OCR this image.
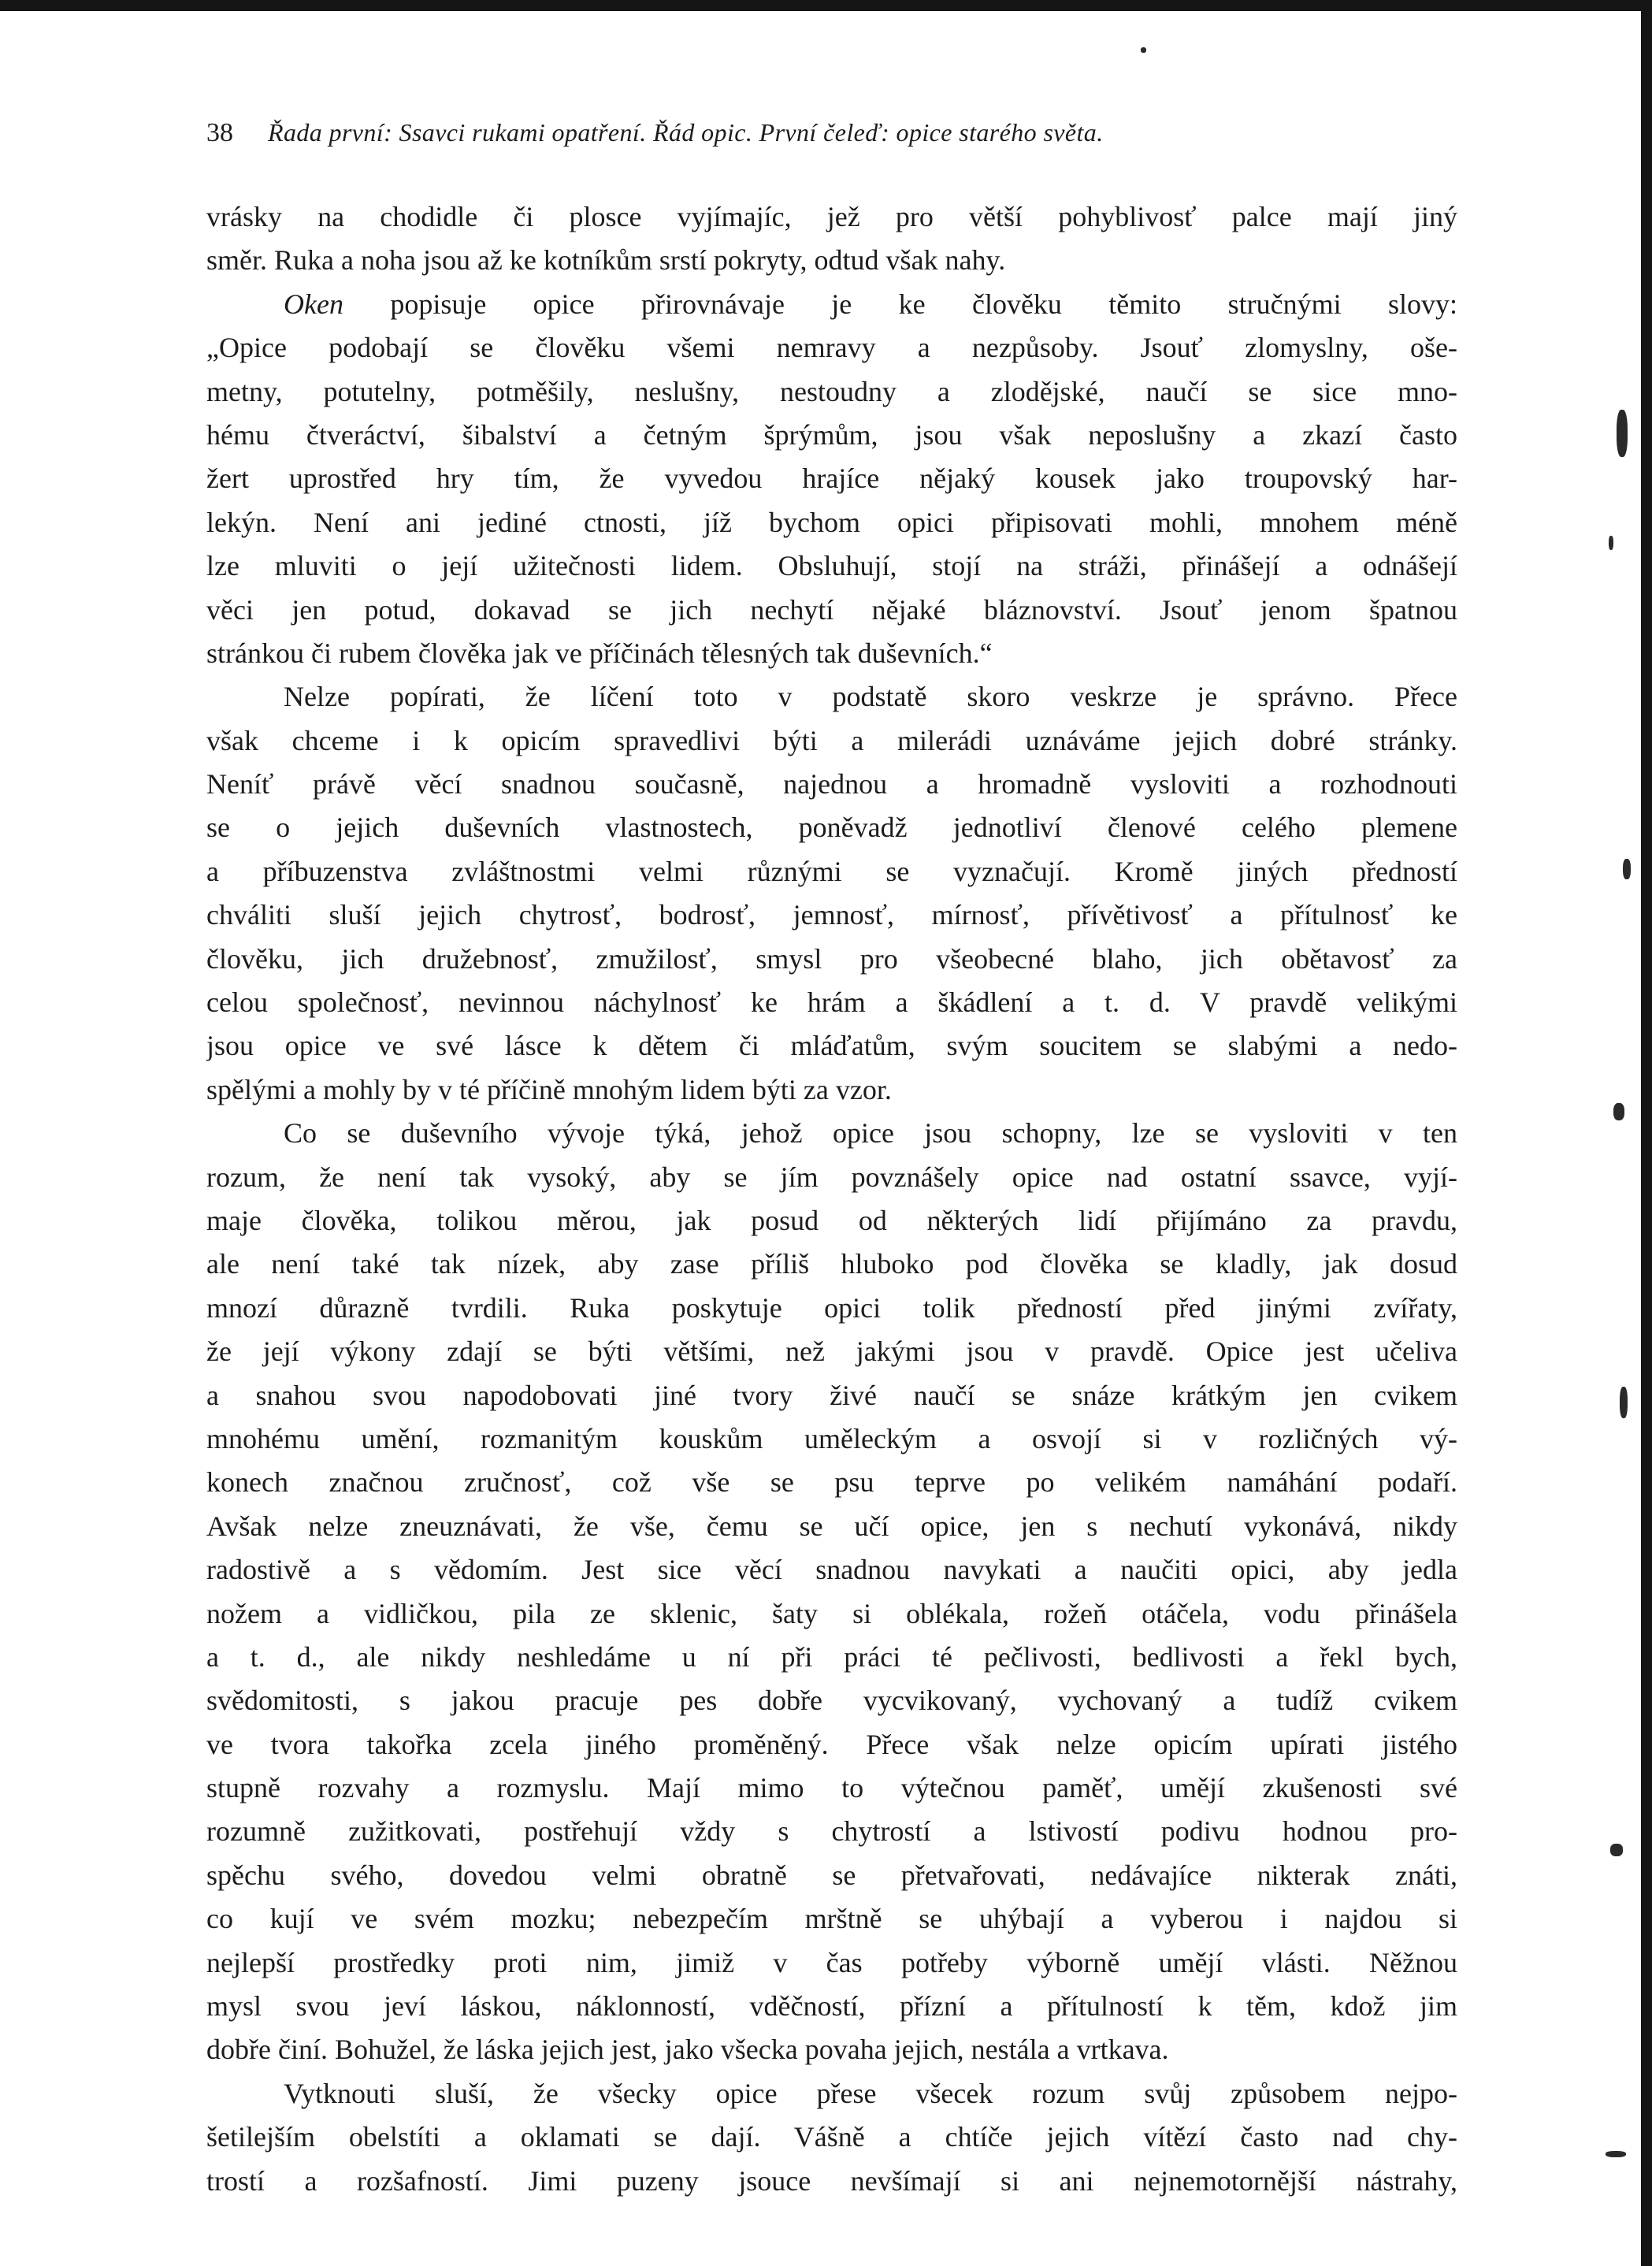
38 Řada první: Ssavci rukami opatření. Řád opic. První čeleď: opice starého světa.
vrásky na chodidle či plosce vyjímajíc, jež pro větší pohyblivosť palce mají jiný
směr. Ruka a noha jsou až ke kotníkům srstí pokryty, odtud však nahy.
Oken popisuje opice přirovnávaje je ke člověku těmito stručnými slovy:
„Opice podobají se člověku všemi nemravy a nezpůsoby. Jsouť zlomyslny, oše-
metny, potutelny, potměšily, neslušny, nestoudny a zlodějské, naučí se sice mno-
hému čtveráctví, šibalství a četným šprýmům, jsou však neposlušny a zkazí často
žert uprostřed hry tím, že vyvedou hrajíce nějaký kousek jako troupovský har-
lekýn. Není ani jediné ctnosti, jíž bychom opici připisovati mohli, mnohem méně
lze mluviti o její užitečnosti lidem. Obsluhují, stojí na stráži, přinášejí a odnášejí
věci jen potud, dokavad se jich nechytí nějaké bláznovství. Jsouť jenom špatnou
stránkou či rubem člověka jak ve příčinách tělesných tak duševních.“
Nelze popírati, že líčení toto v podstatě skoro veskrze je správno. Přece
však chceme i k opicím spravedlivi býti a milerádi uznáváme jejich dobré stránky.
Neníť právě věcí snadnou současně, najednou a hromadně vysloviti a rozhodnouti
se o jejich duševních vlastnostech, poněvadž jednotliví členové celého plemene
a příbuzenstva zvláštnostmi velmi různými se vyznačují. Kromě jiných předností
chváliti sluší jejich chytrosť, bodrosť, jemnosť, mírnosť, přívětivosť a přítulnosť ke
člověku, jich družebnosť, zmužilosť, smysl pro všeobecné blaho, jich obětavosť za
celou společnosť, nevinnou náchylnosť ke hrám a škádlení a t. d. V pravdě velikými
jsou opice ve své lásce k dětem či mláďatům, svým soucitem se slabými a nedo-
spělými a mohly by v té příčině mnohým lidem býti za vzor.
Co se duševního vývoje týká, jehož opice jsou schopny, lze se vysloviti v ten
rozum, že není tak vysoký, aby se jím povznášely opice nad ostatní ssavce, vyjí-
maje člověka, tolikou měrou, jak posud od některých lidí přijímáno za pravdu,
ale není také tak nízek, aby zase příliš hluboko pod člověka se kladly, jak dosud
mnozí důrazně tvrdili. Ruka poskytuje opici tolik předností před jinými zvířaty,
že její výkony zdají se býti většími, než jakými jsou v pravdě. Opice jest učeliva
a snahou svou napodobovati jiné tvory živé naučí se snáze krátkým jen cvikem
mnohému umění, rozmanitým kouskům uměleckým a osvojí si v rozličných vý-
konech značnou zručnosť, což vše se psu teprve po velikém namáhání podaří.
Avšak nelze zneuznávati, že vše, čemu se učí opice, jen s nechutí vykonává, nikdy
radostivě a s vědomím. Jest sice věcí snadnou navykati a naučiti opici, aby jedla
nožem a vidličkou, pila ze sklenic, šaty si oblékala, rožeň otáčela, vodu přinášela
a t. d., ale nikdy neshledáme u ní při práci té pečlivosti, bedlivosti a řekl bych,
svědomitosti, s jakou pracuje pes dobře vycvikovaný, vychovaný a tudíž cvikem
ve tvora takořka zcela jiného proměněný. Přece však nelze opicím upírati jistého
stupně rozvahy a rozmyslu. Mají mimo to výtečnou paměť, umějí zkušenosti své
rozumně zužitkovati, postřehují vždy s chytrostí a lstivostí podivu hodnou pro-
spěchu svého, dovedou velmi obratně se přetvařovati, nedávajíce nikterak znáti,
co kují ve svém mozku; nebezpečím mrštně se uhýbají a vyberou i najdou si
nejlepší prostředky proti nim, jimiž v čas potřeby výborně umějí vlásti. Něžnou
mysl svou jeví láskou, náklonností, vděčností, přízní a přítulností k těm, kdož jim
dobře činí. Bohužel, že láska jejich jest, jako všecka povaha jejich, nestála a vrtkava.
Vytknouti sluší, že všecky opice přese všecek rozum svůj způsobem nejpo-
šetilejším obelstíti a oklamati se dají. Vášně a chtíče jejich vítězí často nad chy-
trostí a rozšafností. Jimi puzeny jsouce nevšímají si ani nejnemotornější nástrahy,
